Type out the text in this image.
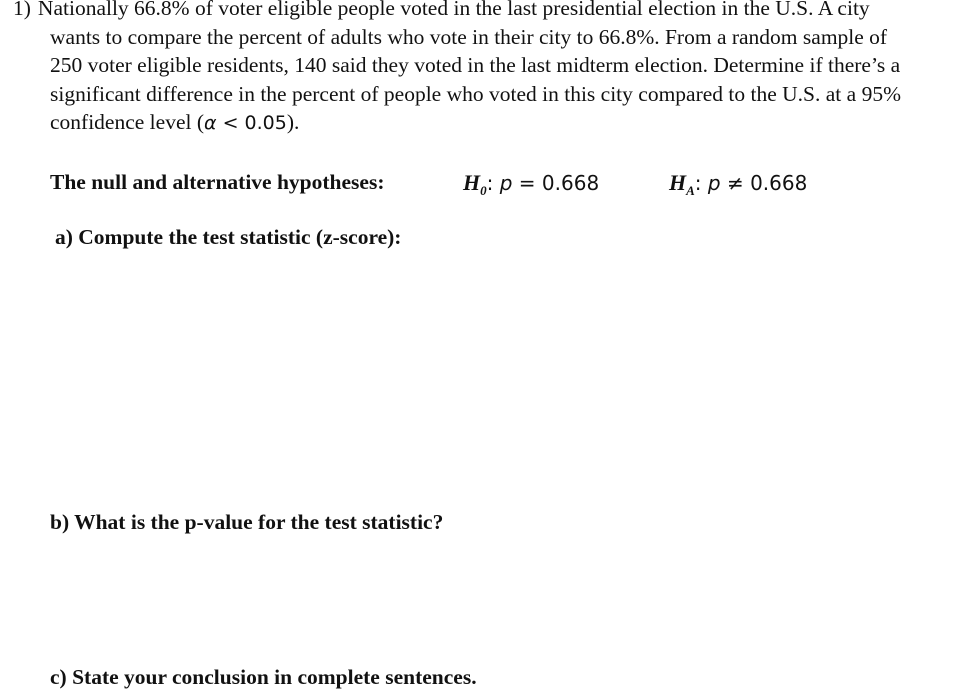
1) Nationally 66.8% of voter eligible people voted in the last presidential election in the U.S. A city
wants to compare the percent of adults who vote in their city to 66.8%. From a random sample of
250 voter eligible residents, 140 said they voted in the last midterm election. Determine if there’s a
significant difference in the percent of people who voted in this city compared to the U.S. at a 95%
confidence level (α < 0.05).
The null and alternative hypotheses:	$H_0$: p = 0.668	$H_A$: p ≠ 0.668
a) Compute the test statistic (z-score):
b) What is the p-value for the test statistic?
c) State your conclusion in complete sentences.
